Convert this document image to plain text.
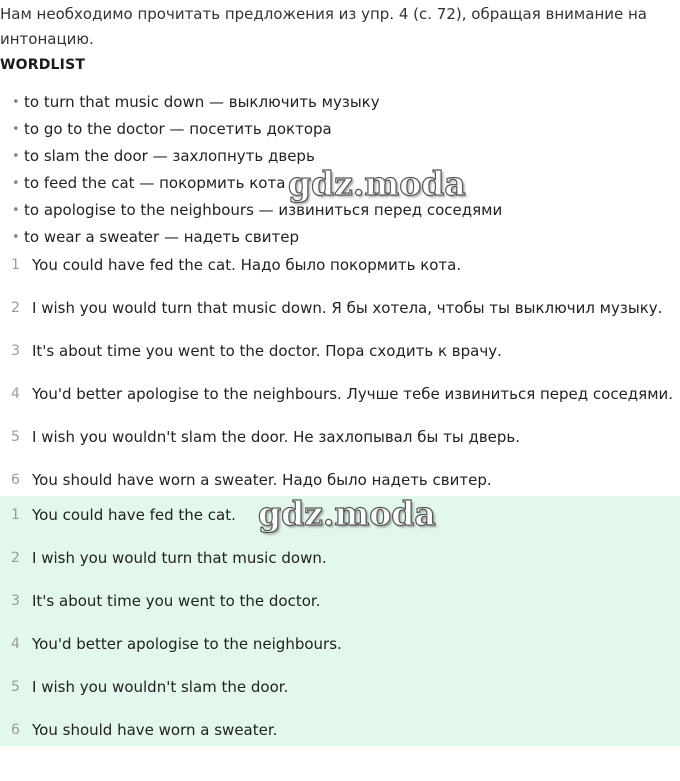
Нам необходимо прочитать предложения из упр. 4 (с. 72), обращая внимание на интонацию.
WORDLIST
• to turn that music down — выключить музыку
• to go to the doctor — посетить доктора
• to slam the door — захлопнуть дверь
• to feed the cat — покормить кота
• to apologise to the neighbours — извиниться перед соседями
• to wear a sweater — надеть свитер
gdz.moda
1 You could have fed the cat. Надо было покормить кота.
2 I wish you would turn that music down. Я бы хотела, чтобы ты выключил музыку.
3 It's about time you went to the doctor. Пора сходить к врачу.
4 You'd better apologise to the neighbours. Лучше тебе извиниться перед соседями.
5 I wish you wouldn't slam the door. Не захлопывал бы ты дверь.
6 You should have worn a sweater. Надо было надеть свитер.
1 You could have fed the cat.
2 I wish you would turn that music down.
3 It's about time you went to the doctor.
4 You'd better apologise to the neighbours.
5 I wish you wouldn't slam the door.
6 You should have worn a sweater.
gdz.moda
